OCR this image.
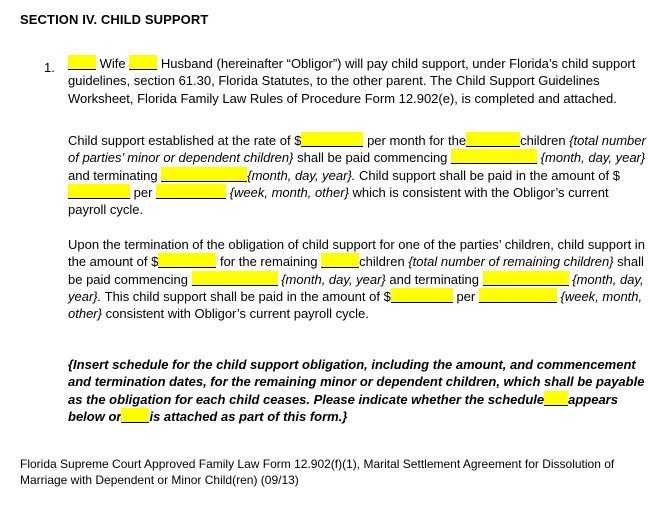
SECTION IV. CHILD SUPPORT
1.	Wife	Husband (hereinafter “Obligor”) will pay child support, under Florida’s child support guidelines, section 61.30, Florida Statutes, to the other parent. The Child Support Guidelines Worksheet, Florida Family Law Rules of Procedure Form 12.902(e), is completed and attached.
Child support established at the rate of $	per month for the	children {total number of parties’ minor or dependent children} shall be paid commencing	{month, day, year} and terminating	{month, day, year}. Child support shall be paid in the amount of $ per	{week, month, other} which is consistent with the Obligor’s current payroll cycle.
Upon the termination of the obligation of child support for one of the parties’ children, child support in the amount of $	for the remaining	children {total number of remaining children} shall be paid commencing	{month, day, year} and terminating	{month, day, year}. This child support shall be paid in the amount of $	per	{week, month, other} consistent with Obligor’s current payroll cycle.
{Insert schedule for the child support obligation, including the amount, and commencement and termination dates, for the remaining minor or dependent children, which shall be payable as the obligation for each child ceases. Please indicate whether the schedule appears below or is attached as part of this form.}
Florida Supreme Court Approved Family Law Form 12.902(f)(1), Marital Settlement Agreement for Dissolution of Marriage with Dependent or Minor Child(ren) (09/13)
